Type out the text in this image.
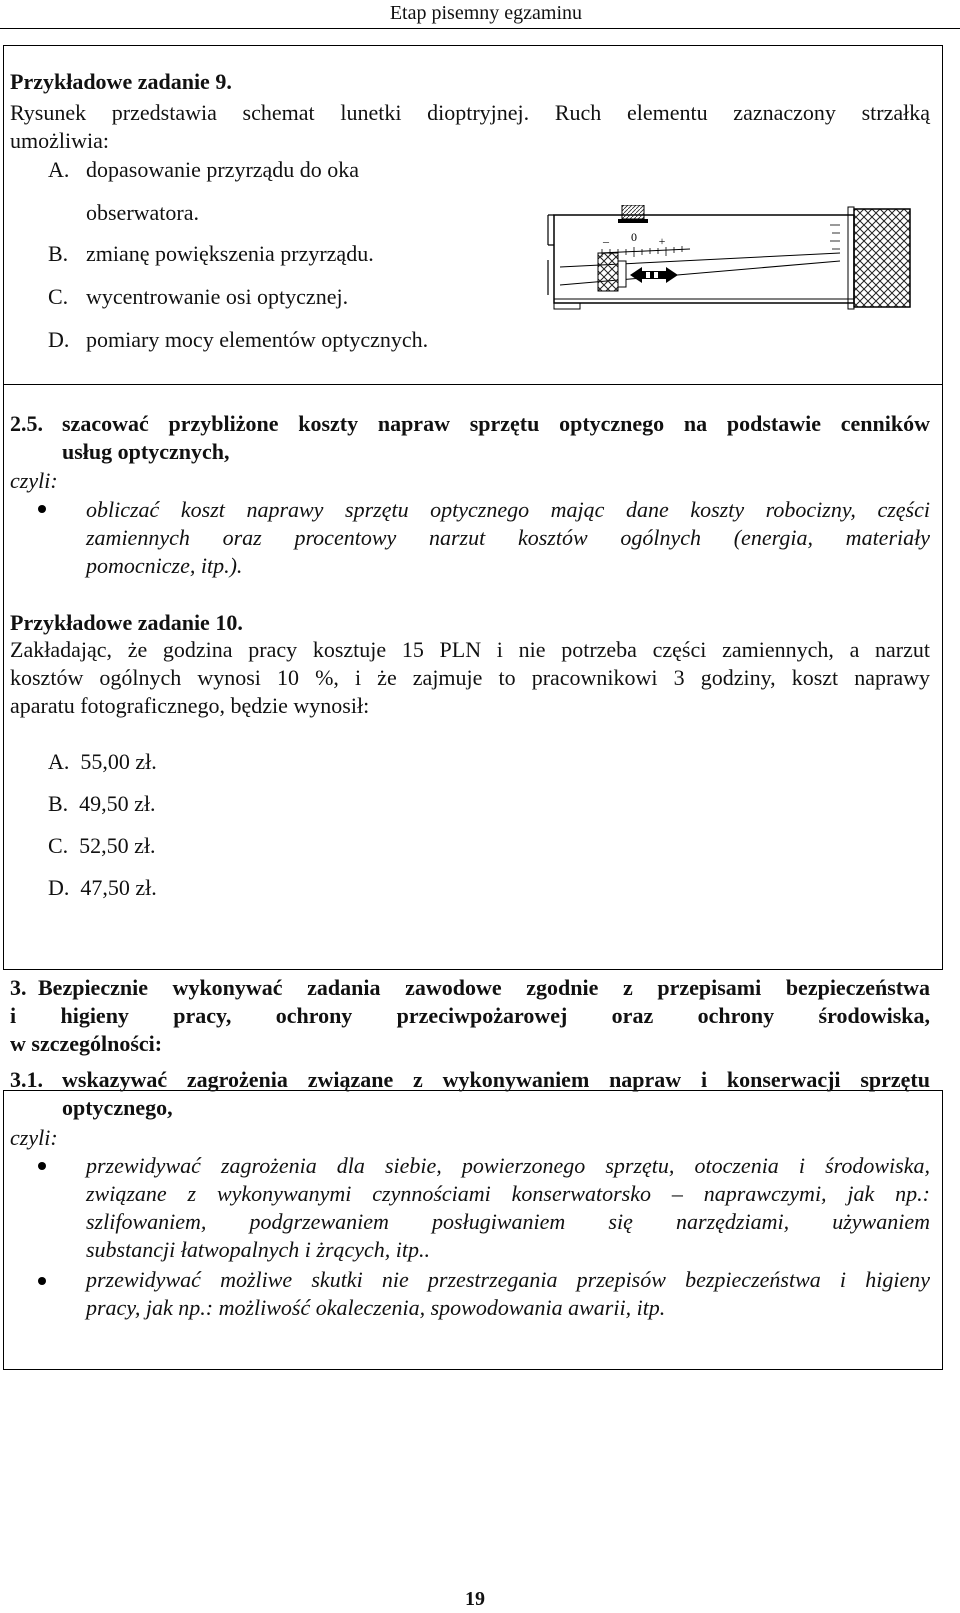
Etap pisemny egzaminu
Przykładowe zadanie 9.
Rysunek przedstawia schemat lunetki dioptryjnej. Ruch elementu zaznaczony strzałką
umożliwia:
A. dopasowanie przyrządu do oka
obserwatora.
B. zmianę powiększenia przyrządu.
C. wycentrowanie osi optycznej.
D. pomiary mocy elementów optycznych.
0
–	+
2.5. szacować przybliżone koszty napraw sprzętu optycznego na podstawie cenników
usług optycznych,
czyli:
obliczać koszt naprawy sprzętu optycznego mając dane koszty robocizny, części
zamiennych oraz procentowy narzut kosztów ogólnych (energia, materiały
pomocnicze, itp.).
Przykładowe zadanie 10.
Zakładając, że godzina pracy kosztuje 15 PLN i nie potrzeba części zamiennych, a narzut
kosztów ogólnych wynosi 10 %, i że zajmuje to pracownikowi 3 godziny, koszt naprawy
aparatu fotograficznego, będzie wynosił:
A.  55,00 zł.
B.  49,50 zł.
C.  52,50 zł.
D.  47,50 zł.
3. Bezpiecznie wykonywać zadania zawodowe zgodnie z przepisami bezpieczeństwa
i higieny pracy, ochrony przeciwpożarowej oraz ochrony środowiska,
w szczególności:
3.1. wskazywać zagrożenia związane z wykonywaniem napraw i konserwacji sprzętu
optycznego,
czyli:
przewidywać zagrożenia dla siebie, powierzonego sprzętu, otoczenia i środowiska,
związane z wykonywanymi czynnościami konserwatorsko – naprawczymi, jak np.:
szlifowaniem, podgrzewaniem posługiwaniem się narzędziami, używaniem
substancji łatwopalnych i żrących, itp..
przewidywać możliwe skutki nie przestrzegania przepisów bezpieczeństwa i higieny
pracy, jak np.: możliwość okaleczenia, spowodowania awarii, itp.
19
